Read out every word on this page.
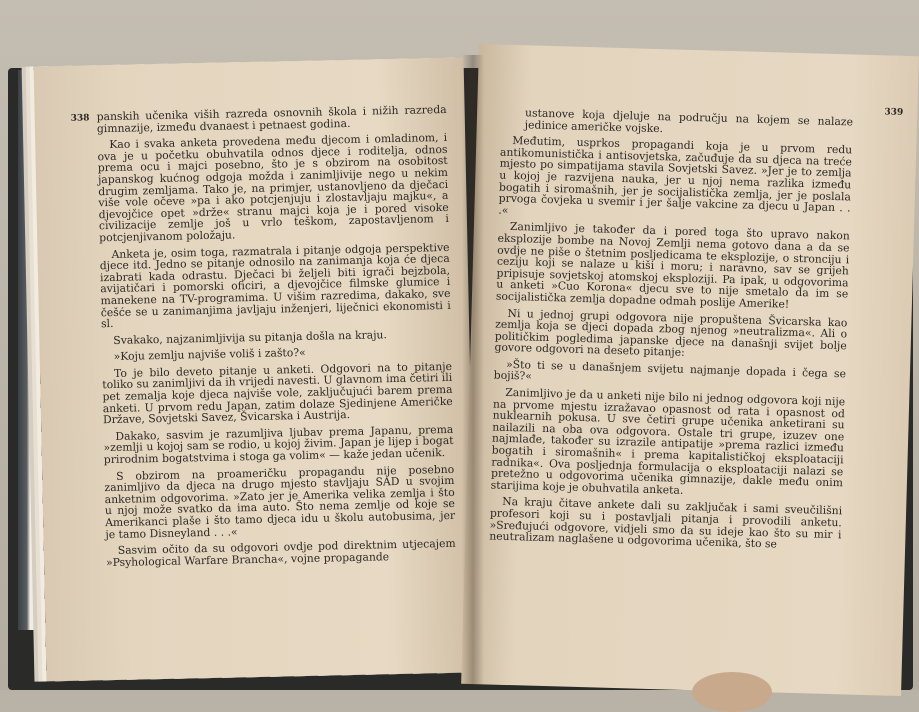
338 panskih učenika viših razreda osnovnih škola i nižih razreda gimnazije, između dvanaest i petnaest godina.

Kao i svaka anketa provedena među djecom i omladinom, i ova je u početku obuhvatila odnos djece i roditelja, odnos prema ocu i majci posebno, što je s obzirom na osobitost japanskog kućnog odgoja možda i zanimljivije nego u nekim drugim zemljama. Tako je, na primjer, ustanovljeno da dječaci više vole očeve »pa i ako potcjenjuju i zlostavljaju majku«, a djevojčice opet »drže« stranu majci koja je i pored visoke civilizacije zemlje još u vrlo teškom, zapostavljenom i potcjenjivanom položaju.

Anketa je, osim toga, razmatrala i pitanje odgoja perspektive djece itd. Jedno se pitanje odnosilo na zanimanja koja će djeca izabrati kada odrastu. Dječaci bi željeli biti igrači bejzbola, avijatičari i pomorski oficiri, a djevojčice filmske glumice i manekene na TV-programima. U višim razredima, dakako, sve češće se u zanimanjima javljaju inženjeri, liječnici ekonomisti i sl.

Svakako, najzanimljivija su pitanja došla na kraju.

»Koju zemlju najviše voliš i zašto?«

To je bilo deveto pitanje u anketi. Odgovori na to pitanje toliko su zanimljivi da ih vrijedi navesti. U glavnom ima četiri ili pet zemalja koje djeca najviše vole, zaključujući barem prema anketi. U prvom redu Japan, zatim dolaze Sjedinjene Američke Države, Sovjetski Savez, Švicarska i Austrija.

Dakako, sasvim je razumljiva ljubav prema Japanu, prema »zemlji u kojoj sam se rodio, u kojoj živim. Japan je lijep i bogat prirodnim bogatstvima i stoga ga volim« — kaže jedan učenik.

S obzirom na proameričku propagandu nije posebno zanimljivo da djeca na drugo mjesto stavljaju SAD u svojim anketnim odgovorima. »Zato jer je Amerika velika zemlja i što u njoj može svatko da ima auto. Što nema zemlje od koje se Amerikanci plaše i što tamo djeca idu u školu autobusima, jer je tamo Disneyland . . .«

Sasvim očito da su odgovori ovdje pod direktnim utjecajem »Psyhological Warfare Brancha«, vojne propagande

339

ustanove koja djeluje na području na kojem se nalaze jedinice američke vojske.

Međutim, usprkos propagandi koja je u prvom redu antikomunistička i antisovjetska, začuđuje da su djeca na treće mjesto po simpatijama stavila Sovjetski Savez. »Jer je to zemlja u kojoj je razvijena nauka, jer u njoj nema razlika između bogatih i siromašnih, jer je socijalistička zemlja, jer je poslala prvoga čovjeka u svemir i jer šalje vakcine za djecu u Japan . . .«

Zanimljivo je također da i pored toga što upravo nakon eksplozije bombe na Novoj Zemlji nema gotovo dana a da se ovdje ne piše o štetnim posljedicama te eksplozije, o stronciju i ceziju koji se nalaze u kiši i moru; i naravno, sav se grijeh pripisuje sovjetskoj atomskoj eksploziji. Pa ipak, u odgovorima u anketi »Cuo Korona« djecu sve to nije smetalo da im se socijalistička zemlja dopadne odmah poslije Amerike!

Ni u jednoj grupi odgovora nije propuštena Švicarska kao zemlja koja se djeci dopada zbog njenog »neutralizma«. Ali o političkim pogledima japanske djece na današnji svijet bolje govore odgovori na deseto pitanje:

»Što ti se u današnjem svijetu najmanje dopada i čega se bojiš?«

Zanimljivo je da u anketi nije bilo ni jednog odgovora koji nije na prvome mjestu izražavao opasnost od rata i opasnost od nuklearnih pokusa. U sve četiri grupe učenika anketirani su nailazili na oba ova odgovora. Ostale tri grupe, izuzev one najmlađe, također su izrazile antipatije »prema razlici između bogatih i siromašnih« i prema kapitalističkoj eksploataciji radnika«. Ova posljednja formulacija o eksploataciji nalazi se pretežno u odgovorima učenika gimnazije, dakle među onim starijima koje je obuhvatila anketa.

Na kraju čitave ankete dali su zaključak i sami sveučilišni profesori koji su i postavljali pitanja i provodili anketu. »Sređujući odgovore, vidjeli smo da su ideje kao što su mir i neutralizam naglašene u odgovorima učenika, što se
